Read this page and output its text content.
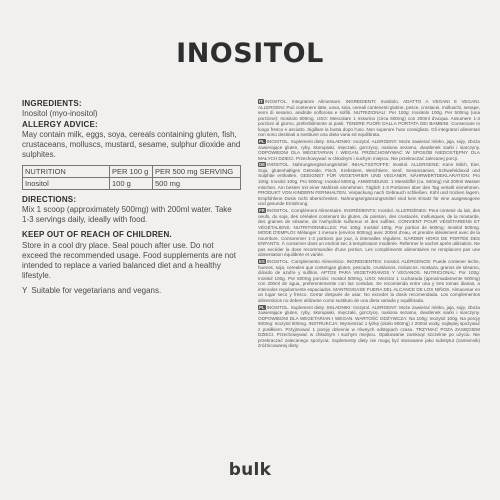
INOSITOL
INGREDIENTS:

Inositol (myo-inositol)

ALLERGY ADVICE:

May contain milk, eggs, soya, cereals containing gluten, fish, crustaceans, molluscs, mustard, sesame, sulphur dioxide and sulphites.

NUTRITION	PER 100 g	PER 500 mg SERVING
Inositol	100 g	500 mg
DIRECTIONS:

Mix 1 scoop (approximately 500mg) with 200ml water. Take 1-3 servings daily, ideally with food.

KEEP OUT OF REACH OF CHILDREN.

Store in a cool dry place. Seal pouch after use. Do not exceed the recommended usage. Food supplements are not intended to replace a varied balanced diet and a healthy lifestyle.

Y Suitable for vegetarians and vegans.

IT INOSITOL. Integratore Alimentare. INGREDIENTI: Inositolo. ADATTO A VEGANI E VEGANI. ALLERGENI: Può contenere latte, uova, soia, cereali contenenti glutine, pesce, crostacei, molluschi, senape, semi di sesamo, anidride solforosa e solfiti. NUTRIZIONALI: Per 100g: Inositolo 100g. Per 500mg (una porzione): Inositolo 500mg. USO: Mescolare 1 misurino (circa 500mg) con 200ml d'acqua. Assumere 1-3 porzioni al giorno, preferibilmente ai pasti. TENERE FUORI DALLA PORTATA DEI BAMBINI. Conservare in luogo fresco e asciutto. Sigillare la busta dopo l'uso. Non superare l'uso consigliato. Gli integratori alimentari non sono destinati a sostituire una dieta varia ed equilibrata.

PL INOSITOL. Suplement diety. SKŁADNIKI: Inozytol. ALERGENY: Może zawierać mleko, jaja, soję, zboża zawierające gluten, ryby, skorupiaki, mięczaki, gorczycę, nasiona sezamu, dwutlenek siarki i siarczyny. ODPOWIEDNI DLA WEGETARIAN I WEGAN. PRZECHOWYWAĆ W SPOSÓB NIEDOSTĘPNY DLA MAŁYCH DZIECI. Przechowywać w chłodnym i suchym miejscu. Nie przekraczać zalecanej porcji.

DE INOSITOL. Nahrungsergänzungsmittel. INHALTSSTOFFE: Inositol. ALLERGENE: Kann Milch, Eier, Soja, glutenhaltiges Getreide, Fisch, Krebstiere, Weichtiere, Senf, Sesamsamen, Schwefeldioxid und Sulphite enthalten. GEEIGNET FÜR VEGETARIER UND VEGANER. NÄHRWERTDEKLARATION: Pro 100g: Inositol 100g. Pro 500mg: Inositol 500mg. ANWENDUNG: 1 Messlöffel (ca. 500mg) mit 200ml Wasser mischen. Am besten mit einer Mahlzeit einnehmen. Täglich 1-3 Portionen über den Tag verteilt einnehmen. PRODUKT VON KINDERN FERNHALTEN. Verpackung nach Gebrauch schließen. Kühl und trocken lagern. Empfohlene Dosis nicht überschreiten. Nahrungsergänzungsmittel sind kein Ersatz für eine ausgewogene und gesunde Ernährung.

FR INOSITOL. Complément Alimentaire. INGRÉDIENTS: Inositol. ALLERGÈNES: Peut contenir du lait, des oeufs, du soja, des céréales contenant du gluten, du poisson, des crustacés, mollusques, de la moutarde, des graines de sésame, de l'anhydride sulfureux et des sulfites. CONVIENT POUR VÉGÉTARIENS ET VÉGÉTALIENS. NUTRITIONNELLES: Par 100g: Inositol 100g. Par portion de 500mg: Inositol 500mg. MODE D'EMPLOI: Mélanger 1 mesure (environ 500mg) avec 200ml d'eau, et prendre idéalement avec de la nourriture. Consommer 1-3 portions par jour, à intervalles réguliers. GARDER HORS DE PORTÉE DES ENFANTS. À conserver dans un endroit sec à température modérée. Refermer le sachet après utilisation. Ne pas excéder la dose recommandée d'une portion. Les compléments alimentaires ne remplacent pas une alimentation équilibrée et variée.

ES INOSITOL. Complemento Alimenticio. INGREDIENTES: Inositol. ALÉRGENOS: Puede contener leche, huevos, soja, cereales que contengan gluten, pescado, crustáceos, moluscos, mostaza, granos de sésamo, dióxido de azufre y sulfitos. APTOS PARA VEGETARIANOS Y VEGANOS. NUTRICIONAL: Por 100g: Inositol 100g. Por 500mg porción: Inositol 500mg. USO: Mezclar 1 cucharada (aproximadamente 500mg) con 200ml de agua, preferentemente con las comidas. Se recomienda entre una y tres tomas diarias, a intervalos regularmente espaciados. MANTENGASE FUERA DEL ALCANCE DE LOS NIÑOS. Almacenar en un lugar seco y fresco. Cerrar después de usar. No exceder la dosis recomendada. Los complementos alimenticios no deben utilizarse como sustituto de una dieta variada y equilibrada.

PL INOSITOL. Suplement diety. SKŁADNIKI: Inozytol. ALERGENY: Może zawierać mleko, jaja, soję, zboża zawierające gluten, ryby, skorupiaki, mięczaki, gorczycę, nasiona sezamu, dwutlenek siarki i siarczyny. ODPOWIEDNI DLA WEGETARIAN I WEGAN. WARTOŚĆ ODŻYWCZA: Na 100g: Inozytol 100g. Na porcję 500mg: Inozytol 500mg. INSTRUKCJA: Wymieszać 1 łyżkę (około 500mg) z 200ml wody, najlepiej spożywać z posiłkiem. Przyjmować 1 porcję dziennie w równych odstępach czasu. TRZYMAĆ POZA ZASIĘGIEM DZIECI. Przechowywać w chłodnym i suchym miejscu. Opakowanie zamknąć szczelnie po użyciu. Nie przekraczać zalecanego spożycia. Suplementy diety nie mogą być stosowane jako substytut (zamiennik) zróżnicowanej diety.

bulk
